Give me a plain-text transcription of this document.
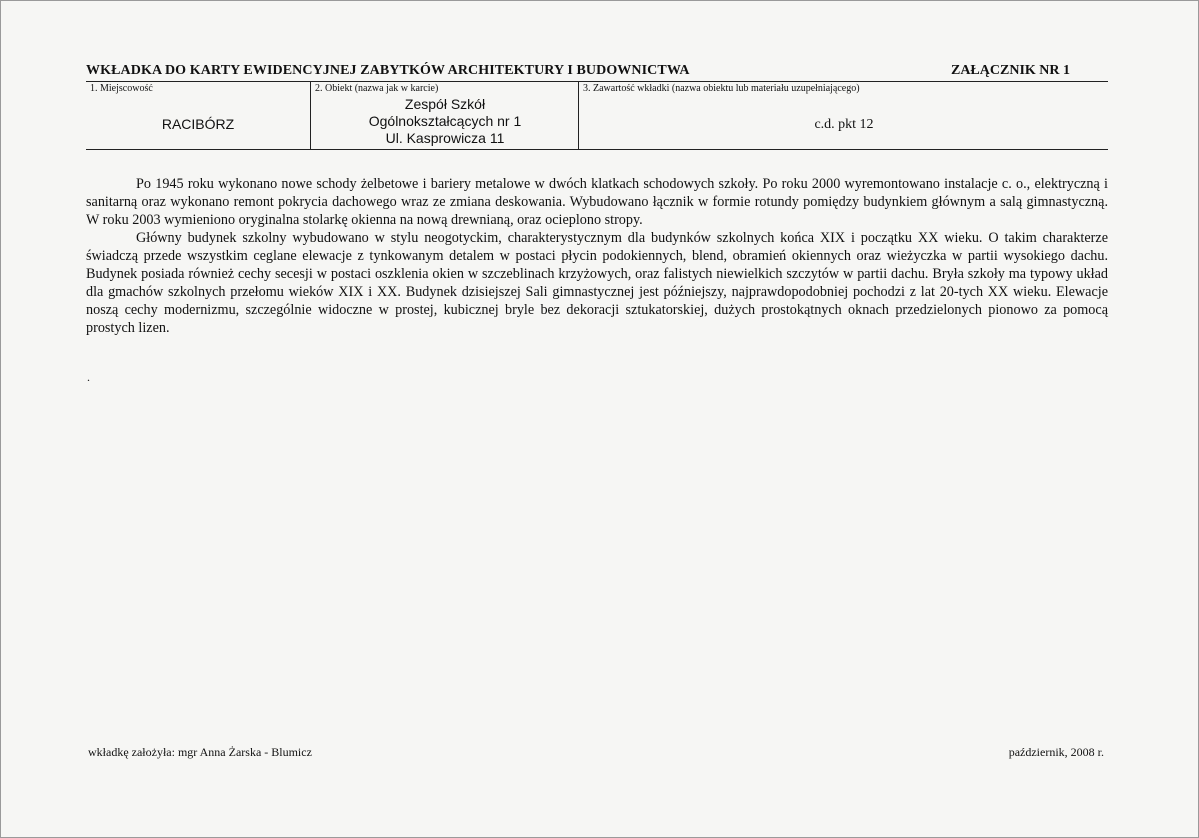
WKŁADKA DO KARTY EWIDENCYJNEJ ZABYTKÓW ARCHITEKTURY I BUDOWNICTWA	ZAŁĄCZNIK NR 1
1. Miejscowość
RACIBÓRZ
2. Obiekt (nazwa jak w karcie)
Zespół Szkół
Ogólnokształcących nr 1
Ul. Kasprowicza 11
3. Zawartość wkładki (nazwa obiektu lub materiału uzupełniającego)
c.d. pkt 12

Po 1945 roku wykonano nowe schody żelbetowe i bariery metalowe w dwóch klatkach schodowych szkoły. Po roku 2000 wyremontowano instalacje c. o., elektryczną i sanitarną oraz wykonano remont pokrycia dachowego wraz ze zmiana deskowania. Wybudowano łącznik w formie rotundy pomiędzy budynkiem głównym a salą gimnastyczną. W roku 2003 wymieniono oryginalna stolarkę okienna na nową drewnianą, oraz ocieplono stropy.

Główny budynek szkolny wybudowano w stylu neogotyckim, charakterystycznym dla budynków szkolnych końca XIX i początku XX wieku. O takim charakterze świadczą przede wszystkim ceglane elewacje z tynkowanym detalem w postaci płycin podokiennych, blend, obramień okiennych oraz wieżyczka w partii wysokiego dachu. Budynek posiada również cechy secesji w postaci oszklenia okien w szczeblinach krzyżowych, oraz falistych niewielkich szczytów w partii dachu. Bryła szkoły ma typowy układ dla gmachów szkolnych przełomu wieków XIX i XX. Budynek dzisiejszej Sali gimnastycznej jest późniejszy, najprawdopodobniej pochodzi z lat 20-tych XX wieku. Elewacje noszą cechy modernizmu, szczególnie widoczne w prostej, kubicznej bryle bez dekoracji sztukatorskiej, dużych prostokątnych oknach przedzielonych pionowo za pomocą prostych lizen.

.
wkładkę założyła: mgr Anna Żarska - Blumicz	październik, 2008 r.
